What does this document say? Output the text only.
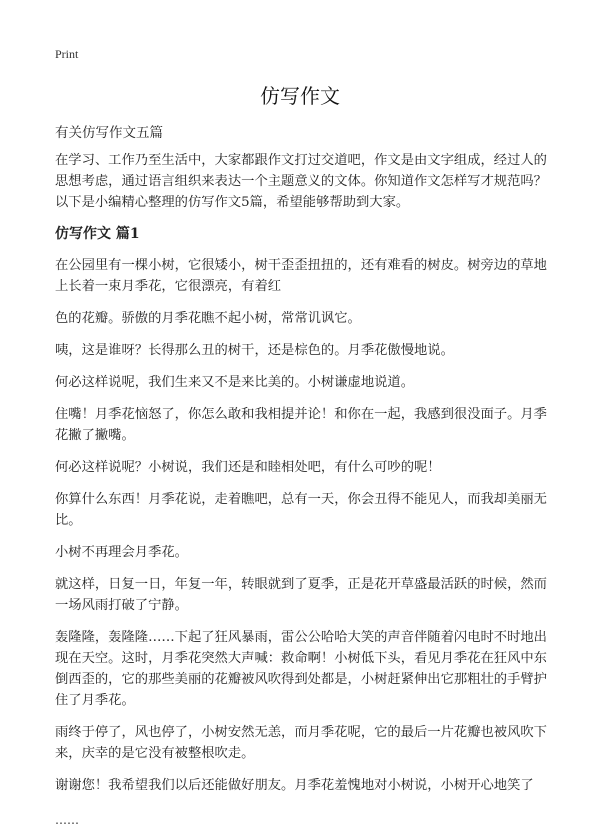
Print
仿写作文
有关仿写作文五篇

在学习、工作乃至生活中，大家都跟作文打过交道吧，作文是由文字组成，经过人的思想考虑，通过语言组织来表达一个主题意义的文体。你知道作文怎样写才规范吗？以下是小编精心整理的仿写作文5篇，希望能够帮助到大家。

仿写作文 篇1

在公园里有一棵小树，它很矮小，树干歪歪扭扭的，还有难看的树皮。树旁边的草地上长着一束月季花，它很漂亮，有着红

色的花瓣。骄傲的月季花瞧不起小树，常常讥讽它。

咦，这是谁呀？长得那么丑的树干，还是棕色的。月季花傲慢地说。

何必这样说呢，我们生来又不是来比美的。小树谦虚地说道。

住嘴！月季花恼怒了，你怎么敢和我相提并论！和你在一起，我感到很没面子。月季花撇了撇嘴。

何必这样说呢？小树说，我们还是和睦相处吧，有什么可吵的呢！

你算什么东西！月季花说，走着瞧吧，总有一天，你会丑得不能见人，而我却美丽无比。

小树不再理会月季花。

就这样，日复一日，年复一年，转眼就到了夏季，正是花开草盛最活跃的时候，然而一场风雨打破了宁静。

轰隆隆，轰隆隆……下起了狂风暴雨，雷公公哈哈大笑的声音伴随着闪电时不时地出现在天空。这时，月季花突然大声喊：救命啊！小树低下头，看见月季花在狂风中东倒西歪的，它的那些美丽的花瓣被风吹得到处都是，小树赶紧伸出它那粗壮的手臂护住了月季花。

雨终于停了，风也停了，小树安然无恙，而月季花呢，它的最后一片花瓣也被风吹下来，庆幸的是它没有被整根吹走。

谢谢您！我希望我们以后还能做好朋友。月季花羞愧地对小树说，小树开心地笑了

……
